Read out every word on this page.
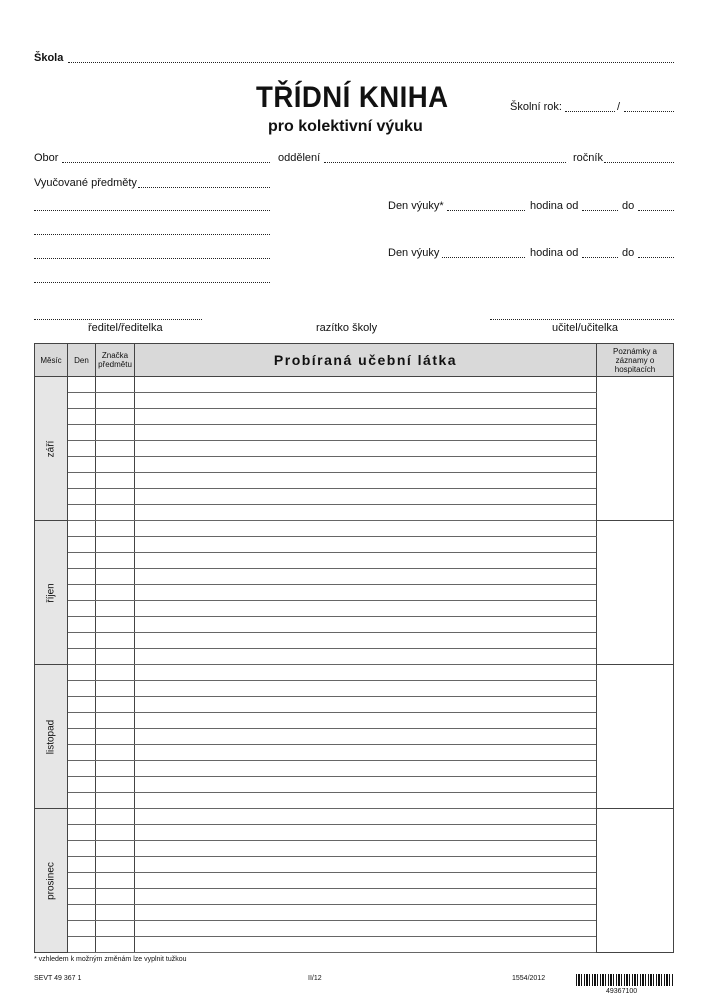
Škola
TŘÍDNÍ KNIHA
pro kolektivní výuku
Školní rok:	/
Obor	oddělení	ročník
Vyučované předměty
Den výuky*	hodina od	do
Den výuky	hodina od	do
ředitel/ředitelka	razítko školy	učitel/učitelka
Měsíc	Den	Značka předmětu	Probíraná učební látka	Poznámky a záznamy o hospitacích

září				

říjen				

listopad				

prosinec				

* vzhledem k možným změnám lze vyplnit tužkou
SEVT 49 367 1	II/12	1554/2012
49367100
